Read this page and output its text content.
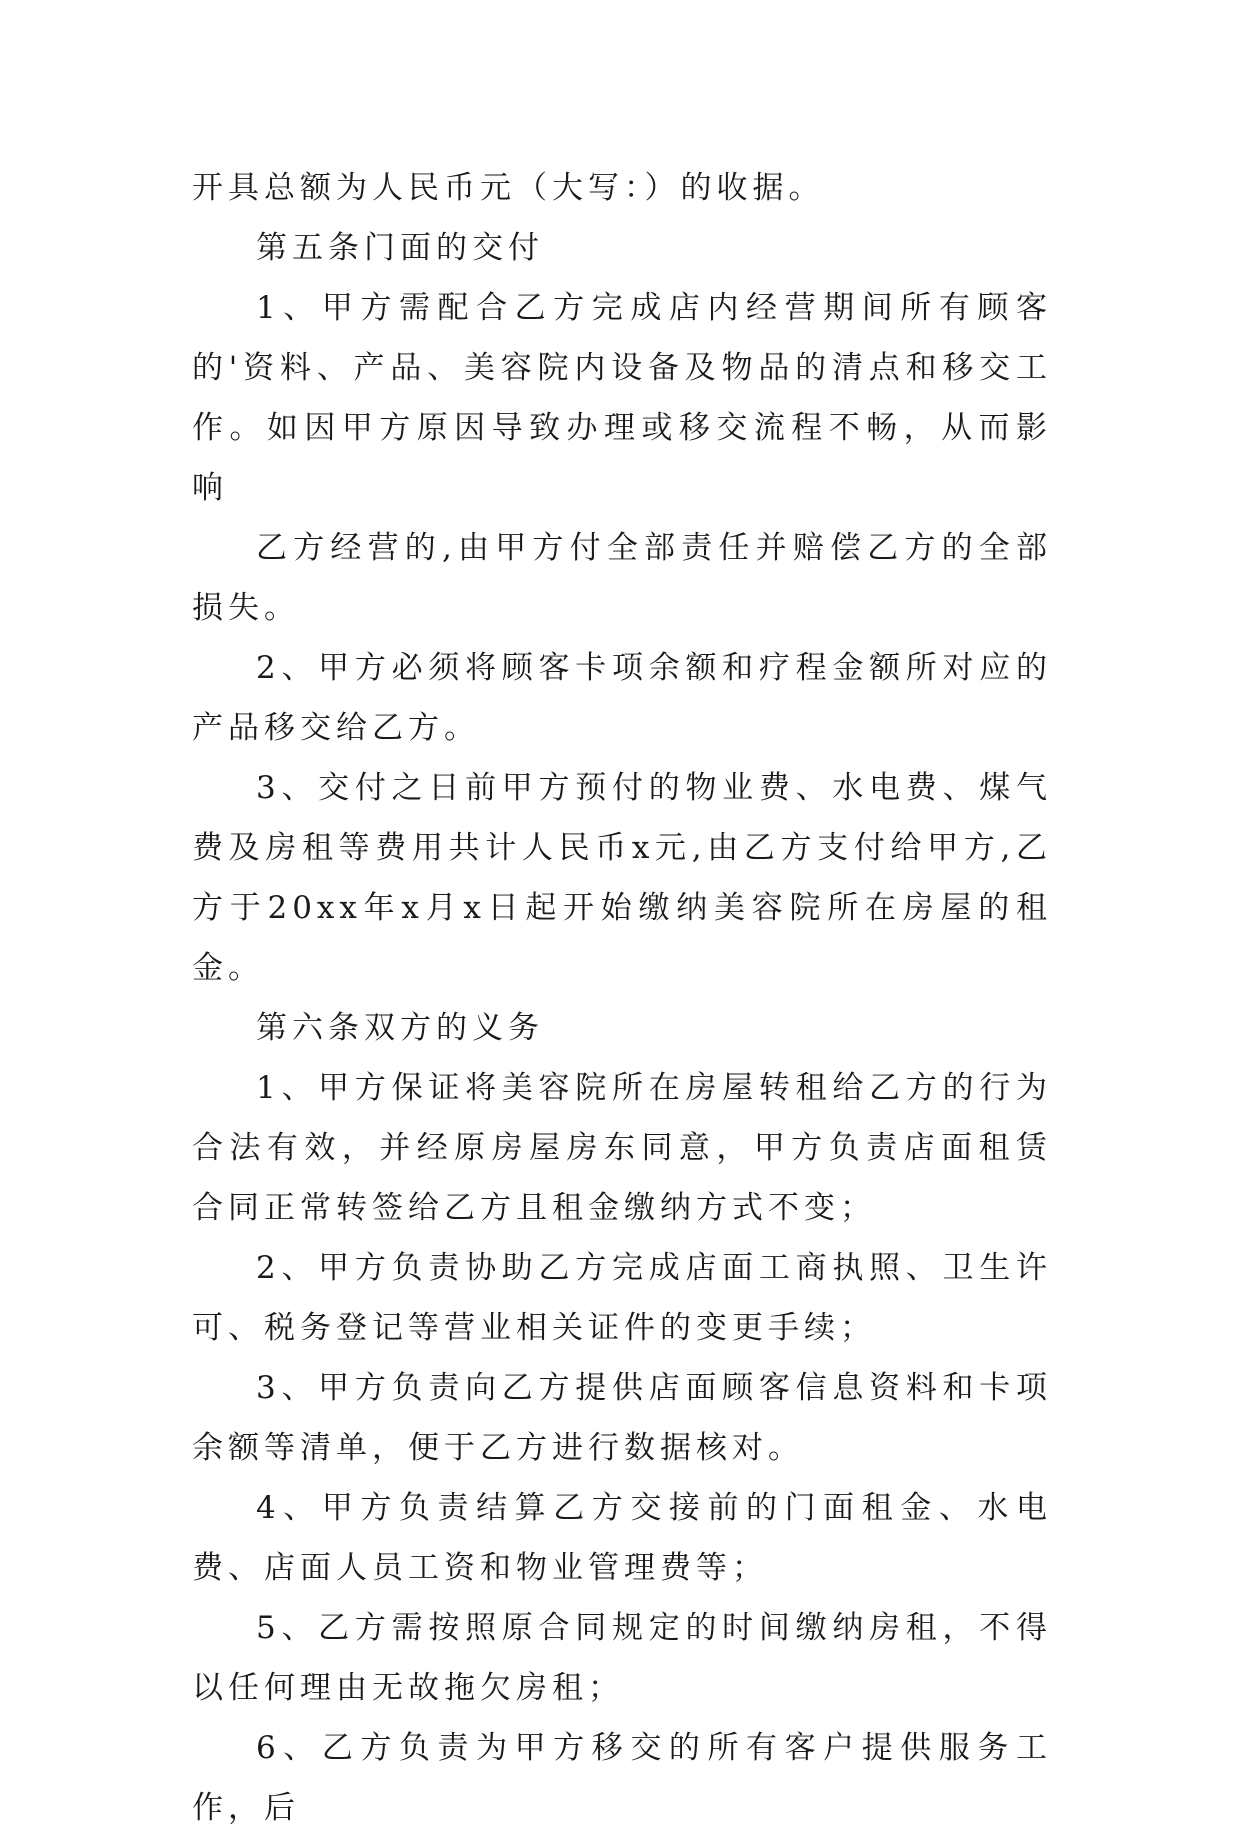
开具总额为人民币元（大写：）的收据。

第五条门面的交付

1、甲方需配合乙方完成店内经营期间所有顾客的'资料、产品、美容院内设备及物品的清点和移交工作。如因甲方原因导致办理或移交流程不畅，从而影响

乙方经营的,由甲方付全部责任并赔偿乙方的全部损失。

2、甲方必须将顾客卡项余额和疗程金额所对应的产品移交给乙方。

3、交付之日前甲方预付的物业费、水电费、煤气费及房租等费用共计人民币x元,由乙方支付给甲方,乙方于20xx年x月x日起开始缴纳美容院所在房屋的租金。

第六条双方的义务

1、甲方保证将美容院所在房屋转租给乙方的行为合法有效，并经原房屋房东同意，甲方负责店面租赁合同正常转签给乙方且租金缴纳方式不变；

2、甲方负责协助乙方完成店面工商执照、卫生许可、税务登记等营业相关证件的变更手续；

3、甲方负责向乙方提供店面顾客信息资料和卡项余额等清单，便于乙方进行数据核对。

4、甲方负责结算乙方交接前的门面租金、水电费、店面人员工资和物业管理费等；

5、乙方需按照原合同规定的时间缴纳房租，不得以任何理由无故拖欠房租；

6、乙方负责为甲方移交的所有客户提供服务工作，后
